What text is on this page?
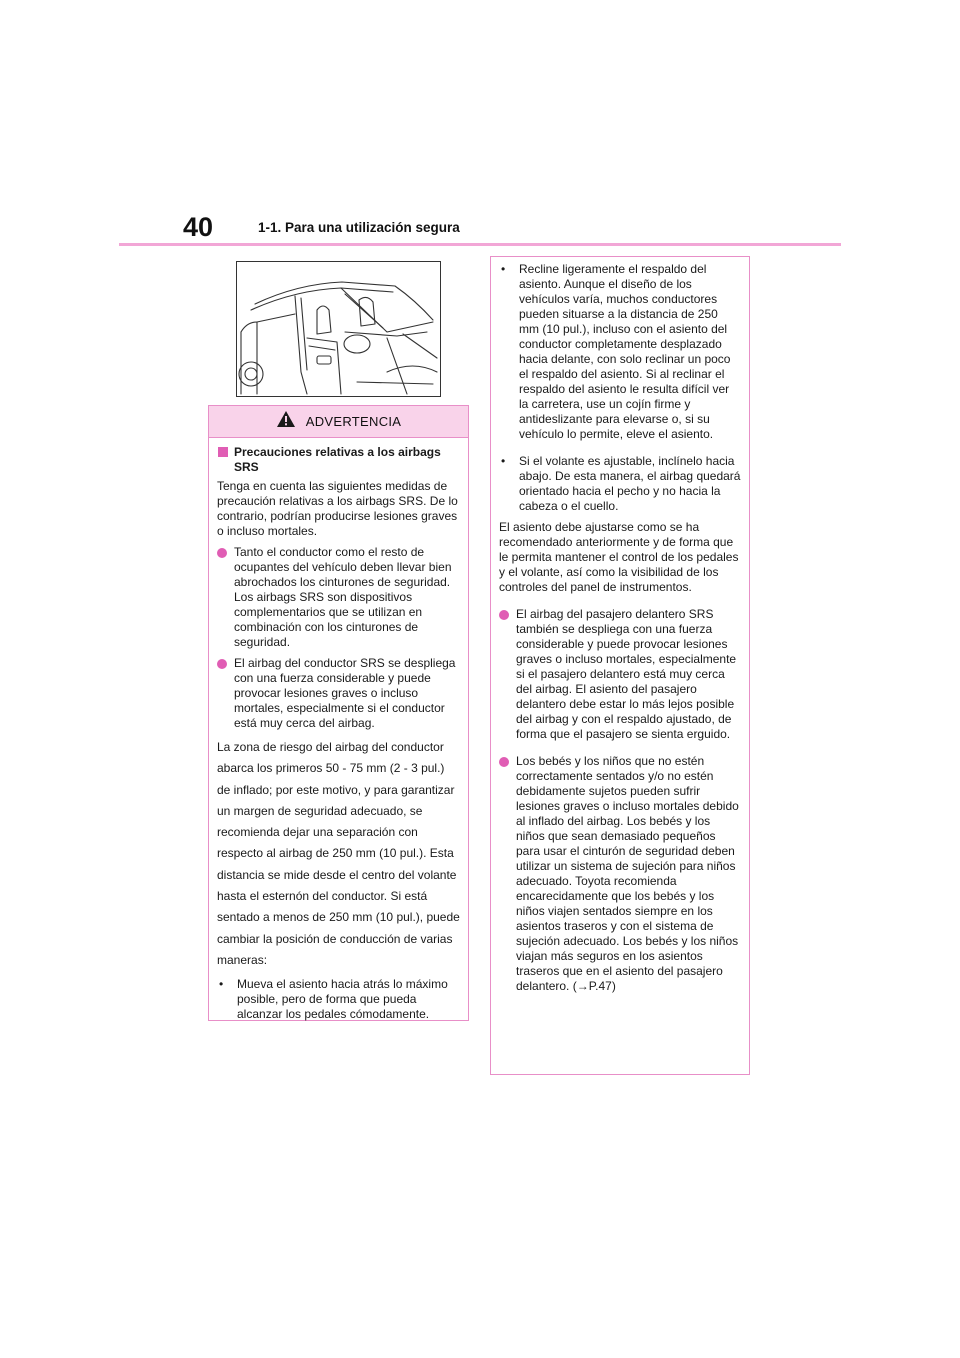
40	1-1. Para una utilización segura
ADVERTENCIA
Precauciones relativas a los airbags SRS

Tenga en cuenta las siguientes medidas de precaución relativas a los airbags SRS. De lo contrario, podrían producirse lesiones graves o incluso mortales.

Tanto el conductor como el resto de ocupantes del vehículo deben llevar bien abrochados los cinturones de seguridad.
Los airbags SRS son dispositivos complementarios que se utilizan en combinación con los cinturones de seguridad.
El airbag del conductor SRS se despliega con una fuerza considerable y puede provocar lesiones graves o incluso mortales, especialmente si el conductor está muy cerca del airbag.

La zona de riesgo del airbag del conductor abarca los primeros 50 - 75 mm (2 - 3 pul.) de inflado; por este motivo, y para garantizar un margen de seguridad adecuado, se recomienda dejar una separación con respecto al airbag de 250 mm (10 pul.). Esta distancia se mide desde el centro del volante hasta el esternón del conductor. Si está sentado a menos de 250 mm (10 pul.), puede cambiar la posición de conducción de varias maneras:

•	Mueva el asiento hacia atrás lo máximo posible, pero de forma que pueda alcanzar los pedales cómodamente.
•	Recline ligeramente el respaldo del asiento. Aunque el diseño de los vehículos varía, muchos conductores pueden situarse a la distancia de 250 mm (10 pul.), incluso con el asiento del conductor completamente desplazado hacia delante, con solo reclinar un poco el respaldo del asiento. Si al reclinar el respaldo del asiento le resulta difícil ver la carretera, use un cojín firme y antideslizante para elevarse o, si su vehículo lo permite, eleve el asiento.
•	Si el volante es ajustable, inclínelo hacia abajo. De esta manera, el airbag quedará orientado hacia el pecho y no hacia la cabeza o el cuello.

El asiento debe ajustarse como se ha recomendado anteriormente y de forma que le permita mantener el control de los pedales y el volante, así como la visibilidad de los controles del panel de instrumentos.

El airbag del pasajero delantero SRS también se despliega con una fuerza considerable y puede provocar lesiones graves o incluso mortales, especialmente si el pasajero delantero está muy cerca del airbag. El asiento del pasajero delantero debe estar lo más lejos posible del airbag y con el respaldo ajustado, de forma que el pasajero se sienta erguido.
Los bebés y los niños que no estén correctamente sentados y/o no estén debidamente sujetos pueden sufrir lesiones graves o incluso mortales debido al inflado del airbag. Los bebés y los niños que sean demasiado pequeños para usar el cinturón de seguridad deben utilizar un sistema de sujeción para niños adecuado. Toyota recomienda encarecidamente que los bebés y los niños viajen sentados siempre en los asientos traseros y con el sistema de sujeción adecuado. Los bebés y los niños viajan más seguros en los asientos traseros que en el asiento del pasajero delantero. (→P.47)
